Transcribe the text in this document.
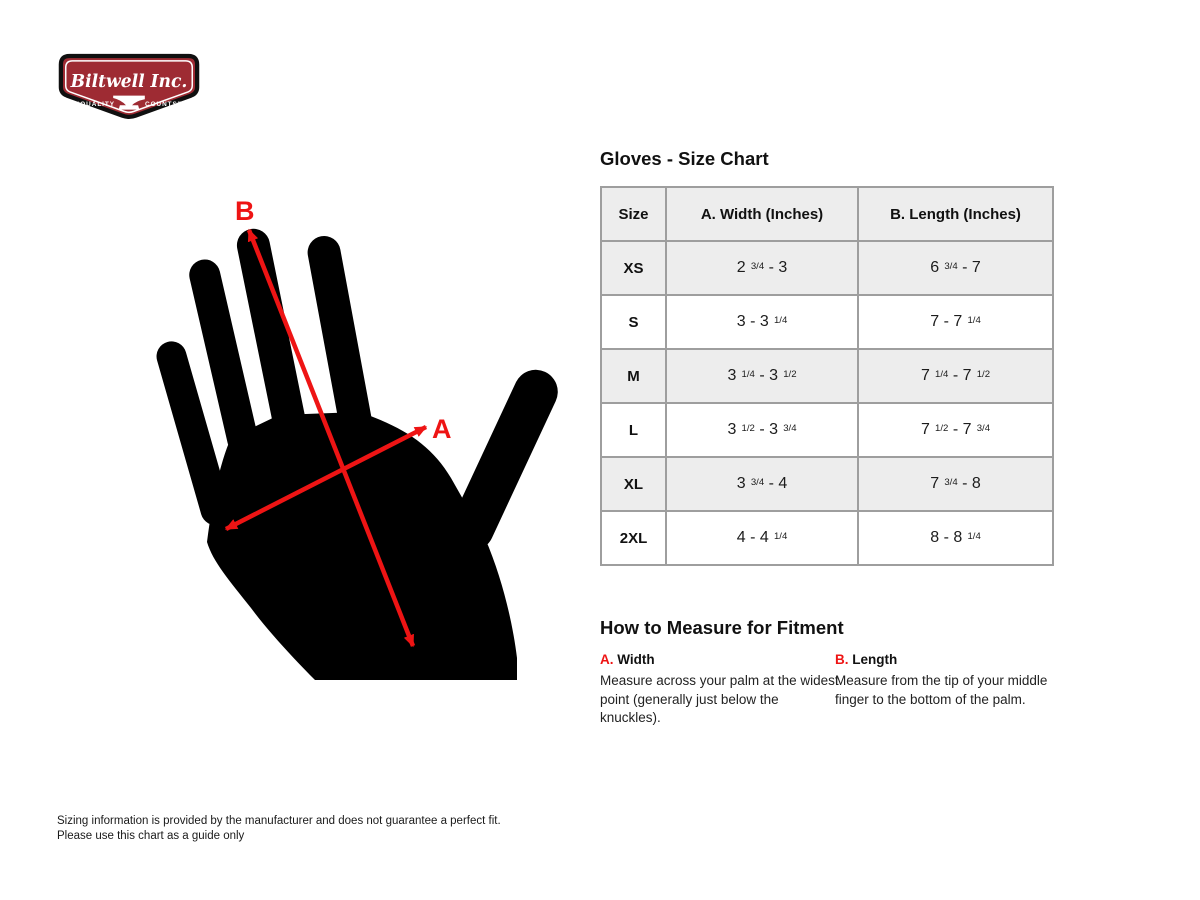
Biltwell Inc.
“QUALITY	COUNTS”
B
A
Gloves - Size Chart
Size	A. Width (Inches)	B. Length (Inches)
XS	2 3/4 - 3	6 3/4 - 7
S	3 - 3 1/4	7 - 7 1/4
M	3 1/4 - 3 1/2	7 1/4 - 7 1/2
L	3 1/2 - 3 3/4	7 1/2 - 7 3/4
XL	3 3/4 - 4	7 3/4 - 8
2XL	4 - 4 1/4	8 - 8 1/4
How to Measure for Fitment
A. Width
Measure across your palm at the widest point (generally just below the knuckles).
B. Length
Measure from the tip of your middle finger to the bottom of the palm.
Sizing information is provided by the manufacturer and does not guarantee a perfect fit.
Please use this chart as a guide only
